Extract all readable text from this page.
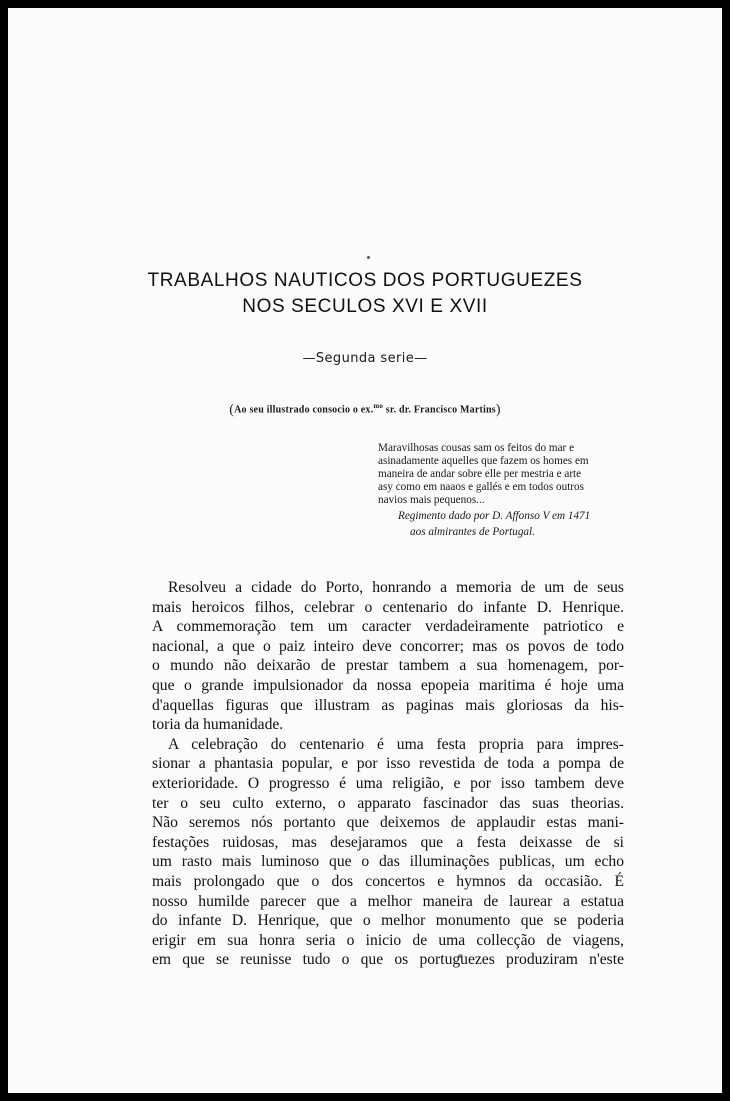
TRABALHOS NAUTICOS DOS PORTUGUEZES
NOS SECULOS XVI E XVII
—Segunda serie—
(Ao seu illustrado consocio o ex.$^{mo}$ sr. dr. Francisco Martins)
Maravilhosas cousas sam os feitos do mar e
asinadamente aquelles que fazem os homes em
maneira de andar sobre elle per mestria e arte
asy como em naaos e gallés e em todos outros
navios mais pequenos...
Regimento dado por D. Affonso V em 1471
aos almirantes de Portugal.
Resolveu a cidade do Porto, honrando a memoria de um de seus
mais heroicos filhos, celebrar o centenario do infante D. Henrique.
A commemoração tem um caracter verdadeiramente patriotico e
nacional, a que o paiz inteiro deve concorrer; mas os povos de todo
o mundo não deixarão de prestar tambem a sua homenagem, por-
que o grande impulsionador da nossa epopeia maritima é hoje uma
d'aquellas figuras que illustram as paginas mais gloriosas da his-
toria da humanidade.
A celebração do centenario é uma festa propria para impres-
sionar a phantasia popular, e por isso revestida de toda a pompa de
exterioridade. O progresso é uma religião, e por isso tambem deve
ter o seu culto externo, o apparato fascinador das suas theorias.
Não seremos nós portanto que deixemos de applaudir estas mani-
festações ruidosas, mas desejaramos que a festa deixasse de si
um rasto mais luminoso que o das illuminações publicas, um echo
mais prolongado que o dos concertos e hymnos da occasião. É
nosso humilde parecer que a melhor maneira de laurear a estatua
do infante D. Henrique, que o melhor monumento que se poderia
erigir em sua honra seria o inicio de uma collecção de viagens,
em que se reunisse tudo o que os portuguezes produziram n'este
